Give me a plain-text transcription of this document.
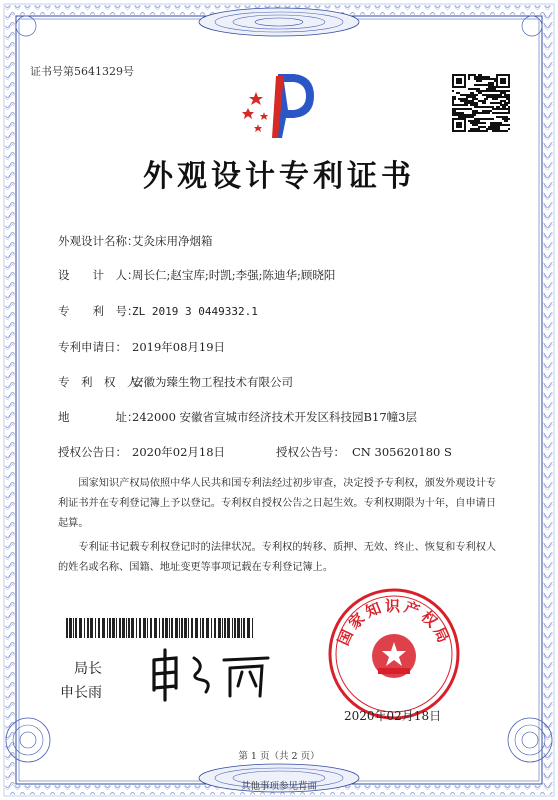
证书号第5641329号
外观设计专利证书
外观设计名称：
艾灸床用净烟箱
设　　计　人：
周长仁;赵宝库;时凯;李强;陈迪华;顾晓阳
专　　利　号：
ZL 2019 3 0449332.1
专利申请日： 2019年08月19日
专　利　权　人：
安徽为臻生物工程技术有限公司
地　　　　址：
242000 安徽省宣城市经济技术开发区科技园B17幢3层
授权公告日： 2020年02月18日	授权公告号： CN 305620180 S
国家知识产权局依照中华人民共和国专利法经过初步审查，决定授予专利权，颁发外观设计专利证书并在专利登记簿上予以登记。专利权自授权公告之日起生效。专利权期限为十年，自申请日起算。
专利证书记载专利权登记时的法律状况。专利权的转移、质押、无效、终止、恢复和专利权人的姓名或名称、国籍、地址变更等事项记载在专利登记簿上。
局长
申长雨
国家知识产权局
2020年02月18日
第 1 页（共 2 页）
其他事项参见背面
